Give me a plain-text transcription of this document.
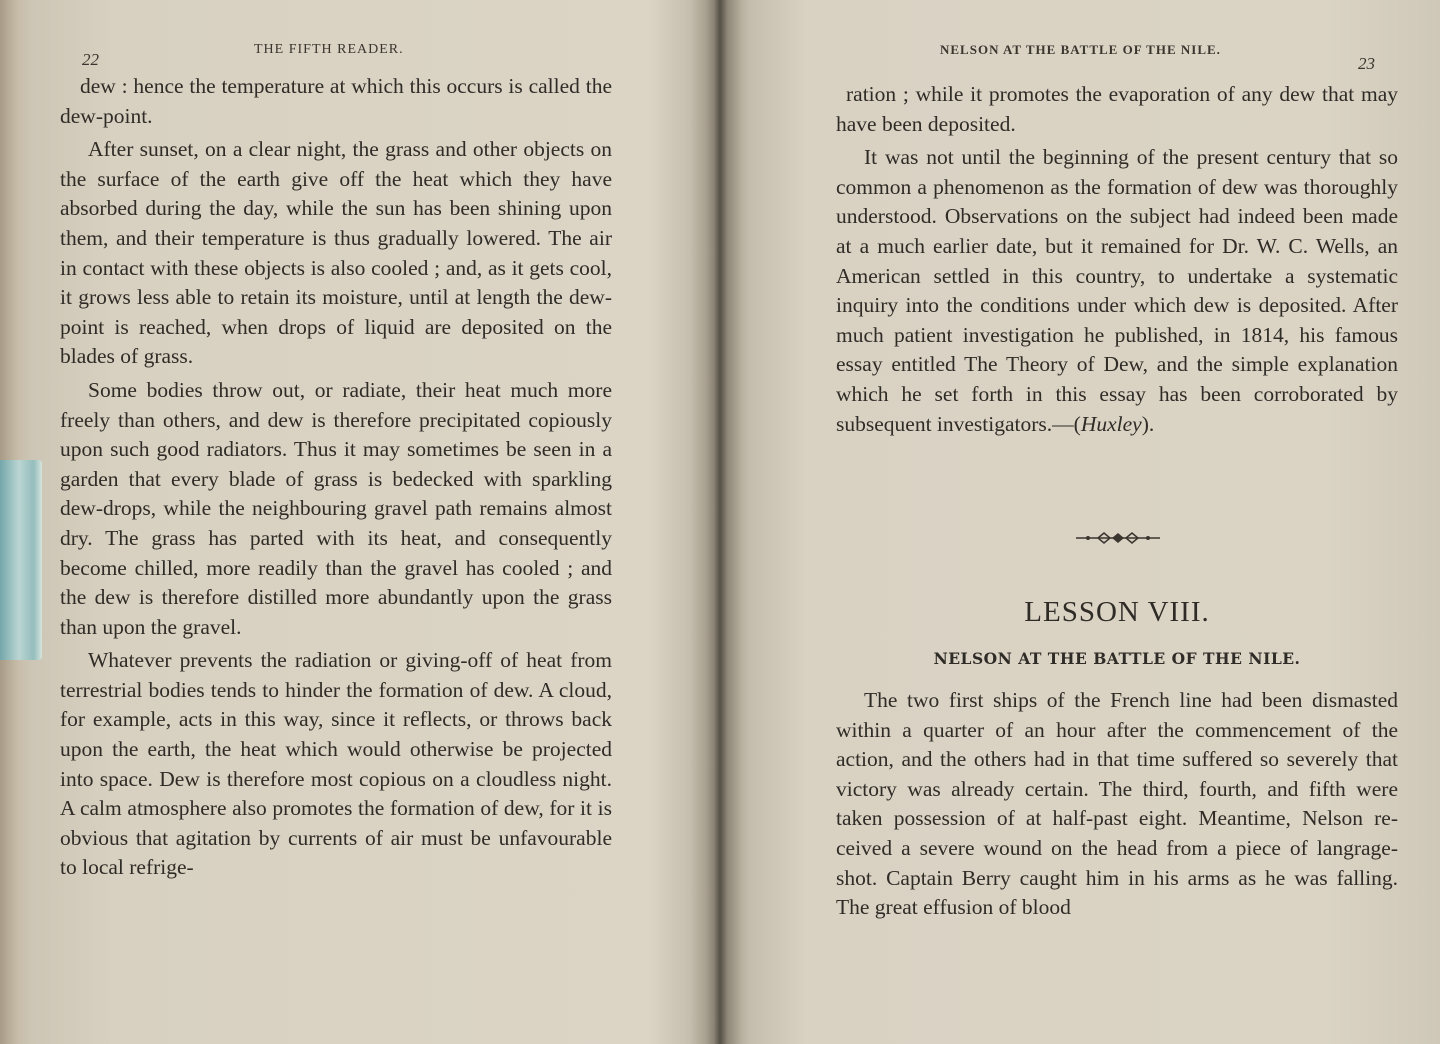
22
THE FIFTH READER.

dew : hence the temperature at which this occurs is called the dew-point.

After sunset, on a clear night, the grass and other objects on the surface of the earth give off the heat which they have absorbed during the day, while the sun has been shining upon them, and their temperature is thus gradually lowered. The air in contact with these objects is also cooled ; and, as it gets cool, it grows less able to retain its moisture, until at length the dew-point is reached, when drops of liquid are deposited on the blades of grass.

Some bodies throw out, or radiate, their heat much more freely than others, and dew is therefore precipitated copiously upon such good radiators. Thus it may sometimes be seen in a garden that every blade of grass is bedecked with sparkling dew-drops, while the neighbouring gravel path remains almost dry. The grass has parted with its heat, and consequently become chilled, more readily than the gravel has cooled ; and the dew is therefore distilled more abundantly upon the grass than upon the gravel.

Whatever prevents the radiation or giving-off of heat from terrestrial bodies tends to hinder the formation of dew. A cloud, for example, acts in this way, since it reflects, or throws back upon the earth, the heat which would otherwise be projected into space. Dew is therefore most copious on a cloudless night. A calm atmosphere also promotes the formation of dew, for it is obvious that agitation by currents of air must be unfavourable to local refrige-

NELSON AT THE BATTLE OF THE NILE.
23

ration ; while it promotes the evaporation of any dew that may have been deposited.

It was not until the beginning of the present century that so common a phenomenon as the formation of dew was thoroughly understood. Observations on the subject had indeed been made at a much earlier date, but it remained for Dr. W. C. Wells, an American settled in this country, to undertake a systematic inquiry into the conditions under which dew is deposited. After much patient investigation he published, in 1814, his famous essay entitled The Theory of Dew, and the simple explanation which he set forth in this essay has been corroborated by subsequent investigators.—(Huxley).

LESSON VIII.
NELSON AT THE BATTLE OF THE NILE.

The two first ships of the French line had been dismasted within a quarter of an hour after the commencement of the action, and the others had in that time suffered so severely that victory was already certain. The third, fourth, and fifth were taken possession of at half-past eight. Meantime, Nelson received a severe wound on the head from a piece of langrage-shot. Captain Berry caught him in his arms as he was falling. The great effusion of blood
